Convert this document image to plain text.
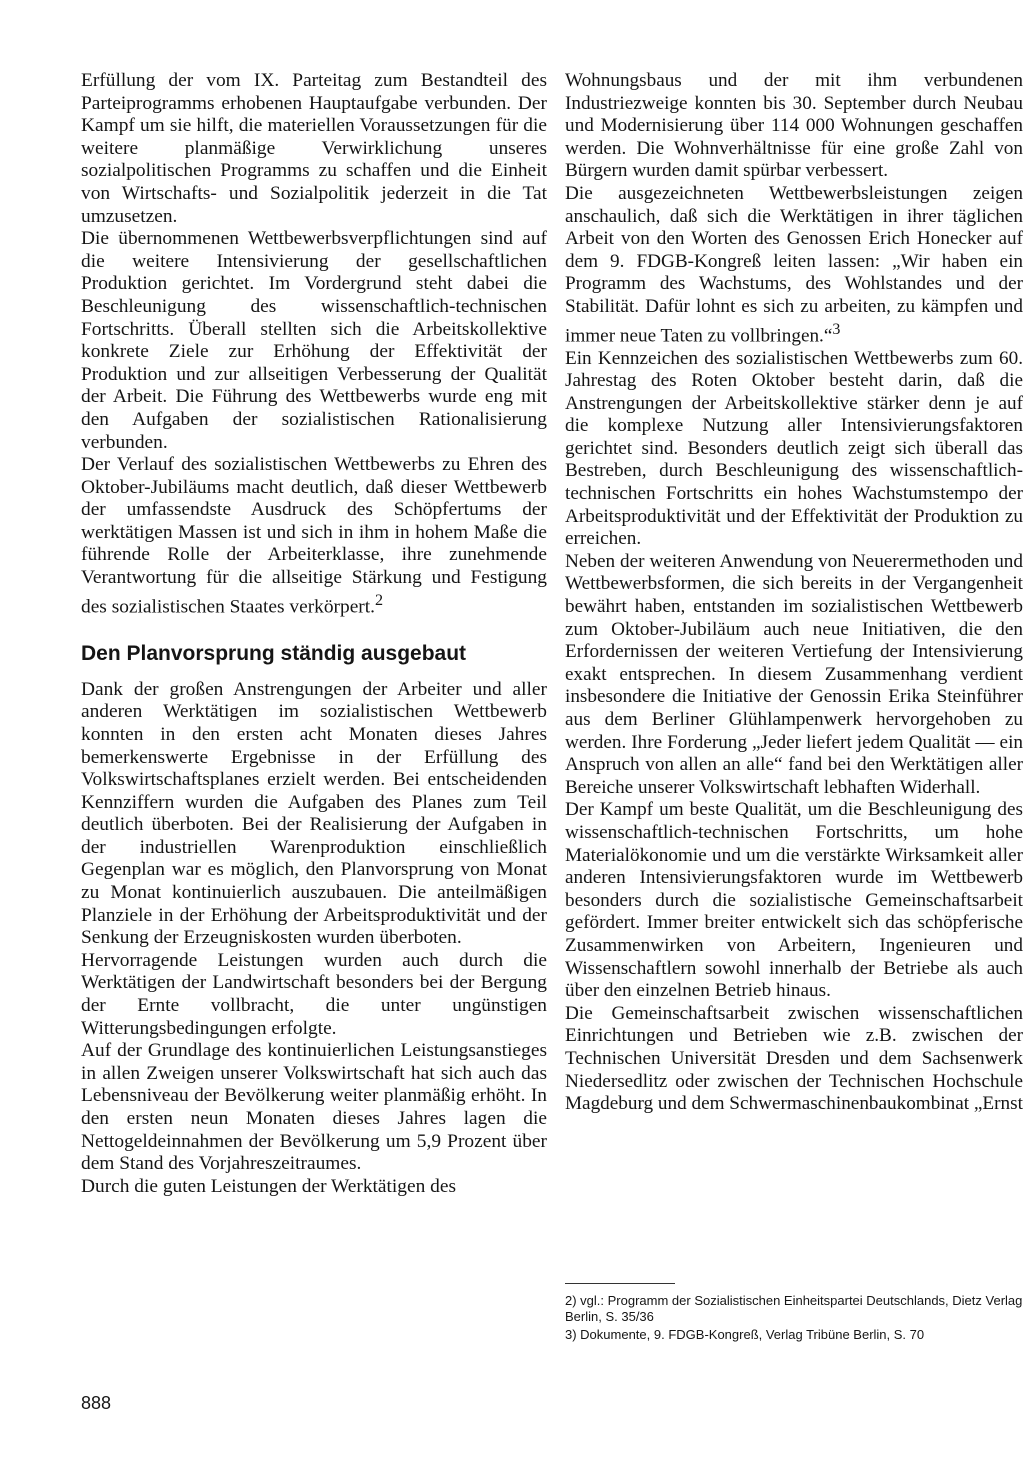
Erfüllung der vom IX. Parteitag zum Bestandteil des Parteiprogramms erhobenen Hauptaufgabe verbunden. Der Kampf um sie hilft, die materiellen Voraussetzungen für die weitere planmäßige Verwirklichung unseres sozialpolitischen Programms zu schaffen und die Einheit von Wirtschafts- und Sozialpolitik jederzeit in die Tat umzusetzen.

Die übernommenen Wettbewerbsverpflichtungen sind auf die weitere Intensivierung der gesellschaftlichen Produktion gerichtet. Im Vordergrund steht dabei die Beschleunigung des wissenschaftlich-technischen Fortschritts. Überall stellten sich die Arbeitskollektive konkrete Ziele zur Erhöhung der Effektivität der Produktion und zur allseitigen Verbesserung der Qualität der Arbeit. Die Führung des Wettbewerbs wurde eng mit den Aufgaben der sozialistischen Rationalisierung verbunden.

Der Verlauf des sozialistischen Wettbewerbs zu Ehren des Oktober-Jubiläums macht deutlich, daß dieser Wettbewerb der umfassendste Ausdruck des Schöpfertums der werktätigen Massen ist und sich in ihm in hohem Maße die führende Rolle der Arbeiterklasse, ihre zunehmende Verantwortung für die allseitige Stärkung und Festigung des sozialistischen Staates verkörpert.$^2$

Den Planvorsprung ständig ausgebaut

Dank der großen Anstrengungen der Arbeiter und aller anderen Werktätigen im sozialistischen Wettbewerb konnten in den ersten acht Monaten dieses Jahres bemerkenswerte Ergebnisse in der Erfüllung des Volkswirtschaftsplanes erzielt werden. Bei entscheidenden Kennziffern wurden die Aufgaben des Planes zum Teil deutlich überboten. Bei der Realisierung der Aufgaben in der industriellen Warenproduktion einschließlich Gegenplan war es möglich, den Planvorsprung von Monat zu Monat kontinuierlich auszubauen. Die anteilmäßigen Planziele in der Erhöhung der Arbeitsproduktivität und der Senkung der Erzeugniskosten wurden überboten.

Hervorragende Leistungen wurden auch durch die Werktätigen der Landwirtschaft besonders bei der Bergung der Ernte vollbracht, die unter ungünstigen Witterungsbedingungen erfolgte.

Auf der Grundlage des kontinuierlichen Leistungsanstieges in allen Zweigen unserer Volkswirtschaft hat sich auch das Lebensniveau der Bevölkerung weiter planmäßig erhöht. In den ersten neun Monaten dieses Jahres lagen die Nettogeldeinnahmen der Bevölkerung um 5,9 Prozent über dem Stand des Vorjahreszeitraumes.

Durch die guten Leistungen der Werktätigen des

Wohnungsbaus und der mit ihm verbundenen Industriezweige konnten bis 30. September durch Neubau und Modernisierung über 114 000 Wohnungen geschaffen werden. Die Wohnverhältnisse für eine große Zahl von Bürgern wurden damit spürbar verbessert.

Die ausgezeichneten Wettbewerbsleistungen zeigen anschaulich, daß sich die Werktätigen in ihrer täglichen Arbeit von den Worten des Genossen Erich Honecker auf dem 9. FDGB-Kongreß leiten lassen: „Wir haben ein Programm des Wachstums, des Wohlstandes und der Stabilität. Dafür lohnt es sich zu arbeiten, zu kämpfen und immer neue Taten zu vollbringen.“$^3$

Ein Kennzeichen des sozialistischen Wettbewerbs zum 60. Jahrestag des Roten Oktober besteht darin, daß die Anstrengungen der Arbeitskollektive stärker denn je auf die komplexe Nutzung aller Intensivierungsfaktoren gerichtet sind. Besonders deutlich zeigt sich überall das Bestreben, durch Beschleunigung des wissenschaftlich-technischen Fortschritts ein hohes Wachstumstempo der Arbeitsproduktivität und der Effektivität der Produktion zu erreichen.

Neben der weiteren Anwendung von Neuerermethoden und Wettbewerbsformen, die sich bereits in der Vergangenheit bewährt haben, entstanden im sozialistischen Wettbewerb zum Oktober-Jubiläum auch neue Initiativen, die den Erfordernissen der weiteren Vertiefung der Intensivierung exakt entsprechen. In diesem Zusammenhang verdient insbesondere die Initiative der Genossin Erika Steinführer aus dem Berliner Glühlampenwerk hervorgehoben zu werden. Ihre Forderung „Jeder liefert jedem Qualität — ein Anspruch von allen an alle“ fand bei den Werktätigen aller Bereiche unserer Volkswirtschaft lebhaften Widerhall.

Der Kampf um beste Qualität, um die Beschleunigung des wissenschaftlich-technischen Fortschritts, um hohe Materialökonomie und um die verstärkte Wirksamkeit aller anderen Intensivierungsfaktoren wurde im Wettbewerb besonders durch die sozialistische Gemeinschaftsarbeit gefördert. Immer breiter entwickelt sich das schöpferische Zusammenwirken von Arbeitern, Ingenieuren und Wissenschaftlern sowohl innerhalb der Betriebe als auch über den einzelnen Betrieb hinaus.

Die Gemeinschaftsarbeit zwischen wissenschaftlichen Einrichtungen und Betrieben wie z.B. zwischen der Technischen Universität Dresden und dem Sachsenwerk Niedersedlitz oder zwischen der Technischen Hochschule Magdeburg und dem Schwermaschinenbaukombinat „Ernst

2) vgl.: Programm der Sozialistischen Einheitspartei Deutschlands, Dietz Verlag Berlin, S. 35/36

3) Dokumente, 9. FDGB-Kongreß, Verlag Tribüne Berlin, S. 70

888
